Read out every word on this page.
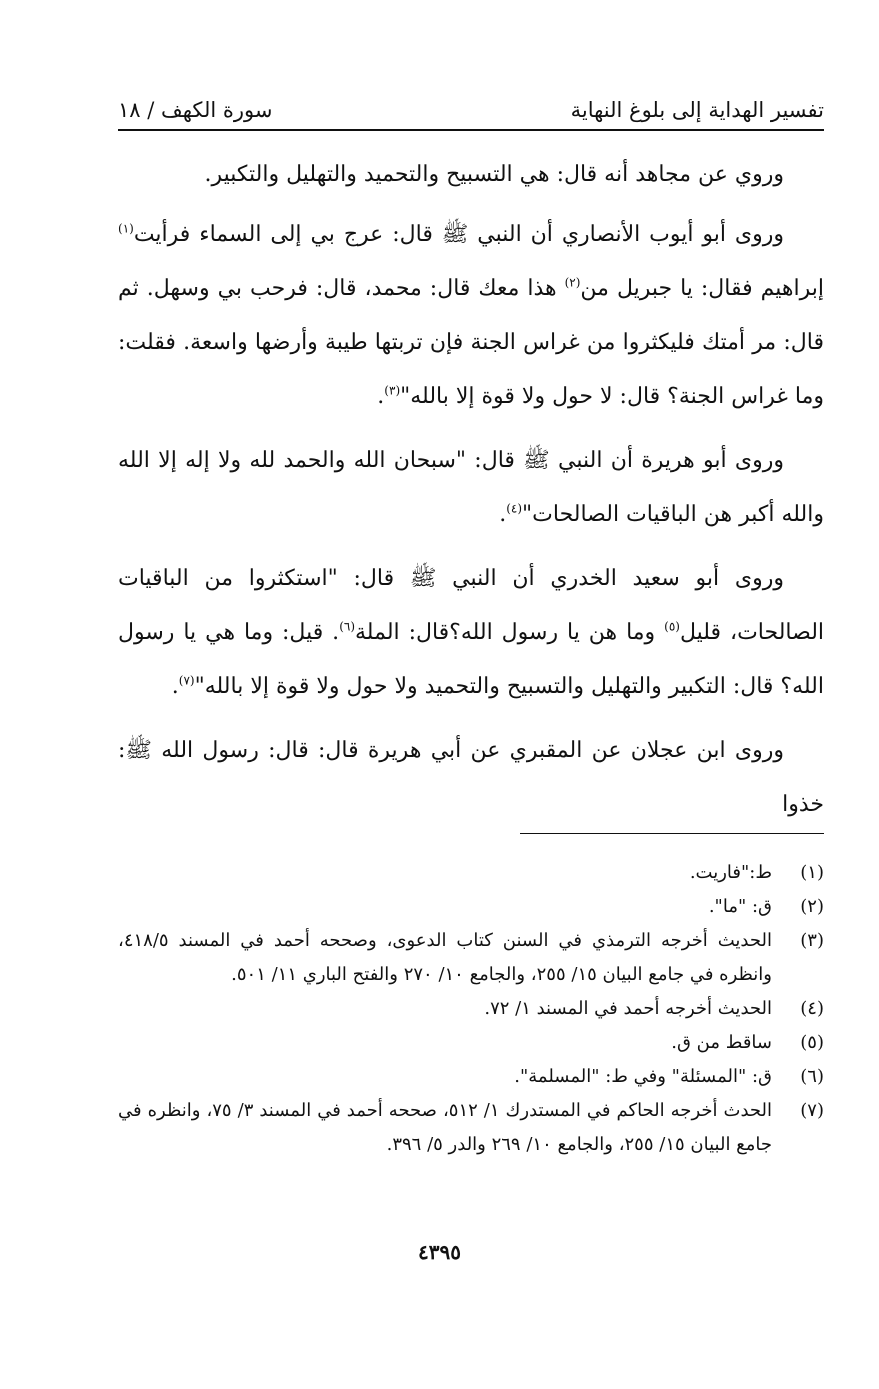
تفسير الهداية إلى بلوغ النهاية
سورة الكهف / ١٨

وروي عن مجاهد أنه قال: هي التسبيح والتحميد والتهليل والتكبير.

وروى أبو أيوب الأنصاري أن النبي ﷺ قال: عرج بي إلى السماء فرأيت$^{(١)}$ إبراهيم فقال: يا جبريل من$^{(٢)}$ هذا معك قال: محمد، قال: فرحب بي وسهل. ثم قال: مر أمتك فليكثروا من غراس الجنة فإن تربتها طيبة وأرضها واسعة. فقلت: وما غراس الجنة؟ قال: لا حول ولا قوة إلا بالله"$^{(٣)}$.

وروى أبو هريرة أن النبي ﷺ قال: "سبحان الله والحمد لله ولا إله إلا الله والله أكبر هن الباقيات الصالحات"$^{(٤)}$.

وروى أبو سعيد الخدري أن النبي ﷺ قال: "استكثروا من الباقيات الصالحات، قليل$^{(٥)}$ وما هن يا رسول الله؟قال: الملة$^{(٦)}$. قيل: وما هي يا رسول الله؟ قال: التكبير والتهليل والتسبيح والتحميد ولا حول ولا قوة إلا بالله"$^{(٧)}$.

وروى ابن عجلان عن المقبري عن أبي هريرة قال: قال: رسول الله ﷺ: خذوا

(١)
ط:"فاريت.
(٢)
ق: "ما".
(٣)
الحديث أخرجه الترمذي في السنن كتاب الدعوى، وصححه أحمد في المسند ٤١٨/٥، وانظره في جامع البيان ١٥/ ٢٥٥، والجامع ١٠/ ٢٧٠ والفتح الباري ١١/ ٥٠١.
(٤)
الحديث أخرجه أحمد في المسند ١/ ٧٢.
(٥)
ساقط من ق.
(٦)
ق: "المسئلة" وفي ط: "المسلمة".
(٧)
الحدث أخرجه الحاكم في المستدرك ١/ ٥١٢، صححه أحمد في المسند ٣/ ٧٥، وانظره في جامع البيان ١٥/ ٢٥٥، والجامع ١٠/ ٢٦٩ والدر ٥/ ٣٩٦.
٤٣٩٥
